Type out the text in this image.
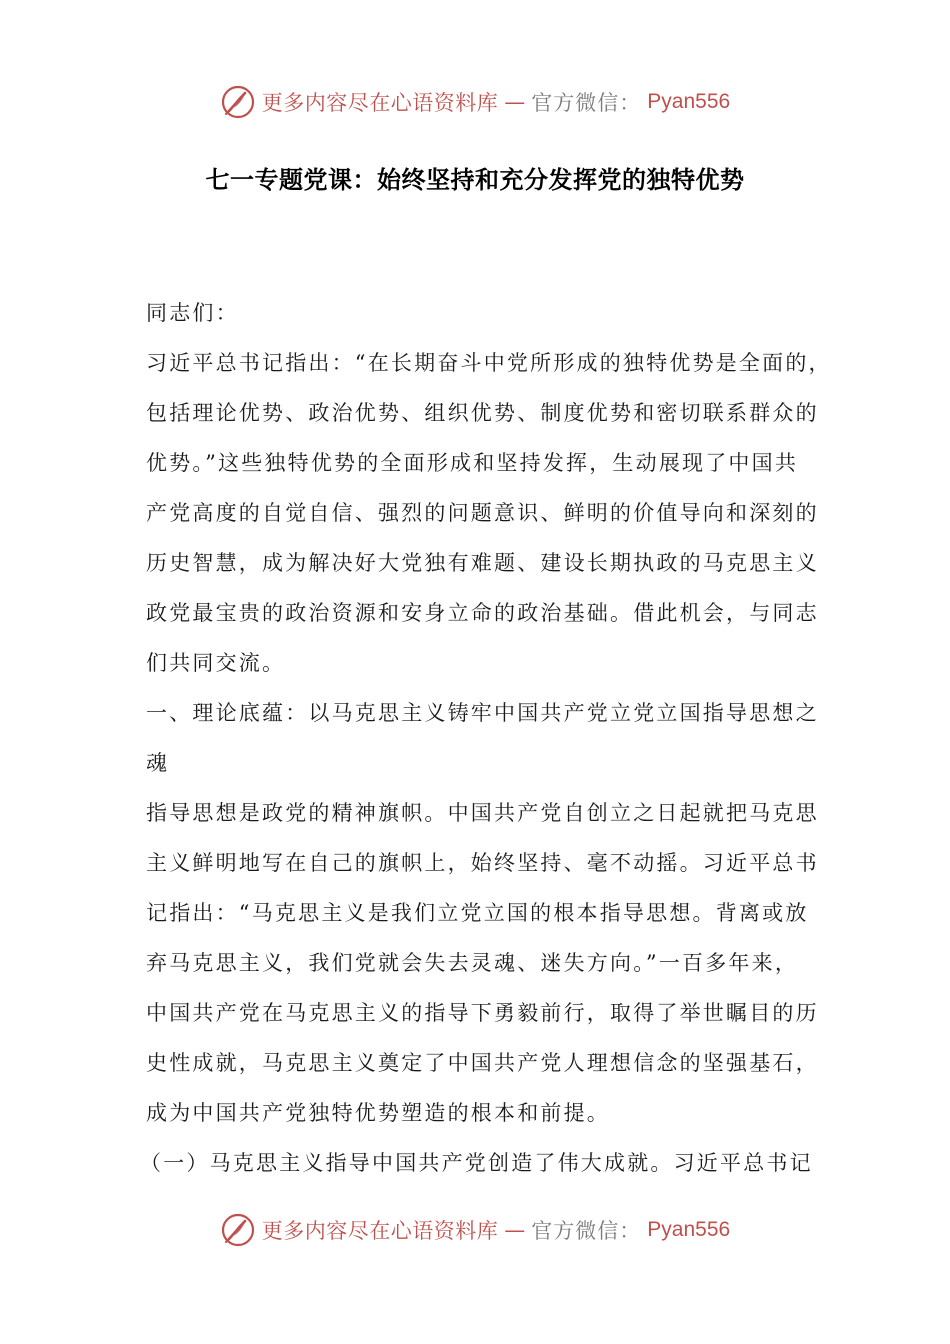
更多内容尽在心语资料库 — 官方微信： Pyan556
七一专题党课：始终坚持和充分发挥党的独特优势
同志们：
习近平总书记指出：“在长期奋斗中党所形成的独特优势是全面的，
包括理论优势、政治优势、组织优势、制度优势和密切联系群众的
优势。”这些独特优势的全面形成和坚持发挥，生动展现了中国共
产党高度的自觉自信、强烈的问题意识、鲜明的价值导向和深刻的
历史智慧，成为解决好大党独有难题、建设长期执政的马克思主义
政党最宝贵的政治资源和安身立命的政治基础。借此机会，与同志
们共同交流。
一、理论底蕴：以马克思主义铸牢中国共产党立党立国指导思想之
魂
指导思想是政党的精神旗帜。中国共产党自创立之日起就把马克思
主义鲜明地写在自己的旗帜上，始终坚持、毫不动摇。习近平总书
记指出：“马克思主义是我们立党立国的根本指导思想。背离或放
弃马克思主义，我们党就会失去灵魂、迷失方向。”一百多年来，
中国共产党在马克思主义的指导下勇毅前行，取得了举世瞩目的历
史性成就，马克思主义奠定了中国共产党人理想信念的坚强基石，
成为中国共产党独特优势塑造的根本和前提。
（一）马克思主义指导中国共产党创造了伟大成就。习近平总书记
更多内容尽在心语资料库 — 官方微信： Pyan556
